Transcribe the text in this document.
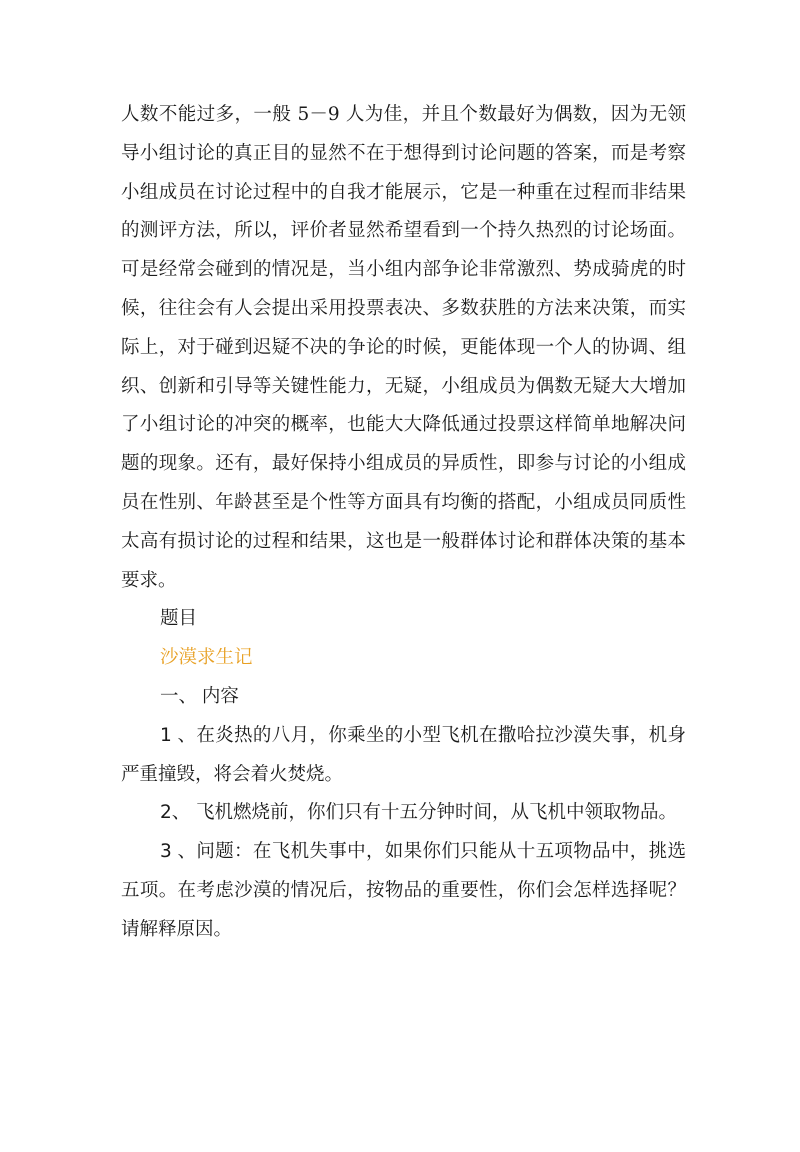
人数不能过多，一般 5－9 人为佳，并且个数最好为偶数，因为无领
导小组讨论的真正目的显然不在于想得到讨论问题的答案，而是考察
小组成员在讨论过程中的自我才能展示，它是一种重在过程而非结果
的测评方法，所以，评价者显然希望看到一个持久热烈的讨论场面。
可是经常会碰到的情况是，当小组内部争论非常激烈、势成骑虎的时
候，往往会有人会提出采用投票表决、多数获胜的方法来决策，而实
际上，对于碰到迟疑不决的争论的时候，更能体现一个人的协调、组
织、创新和引导等关键性能力，无疑，小组成员为偶数无疑大大增加
了小组讨论的冲突的概率，也能大大降低通过投票这样简单地解决问
题的现象。还有，最好保持小组成员的异质性，即参与讨论的小组成
员在性别、年龄甚至是个性等方面具有均衡的搭配，小组成员同质性
太高有损讨论的过程和结果，这也是一般群体讨论和群体决策的基本
要求。
题目
沙漠求生记
一、 内容
1、在炎热的八月，你乘坐的小型飞机在撒哈拉沙漠失事，机身
严重撞毁，将会着火焚烧。
2、 飞机燃烧前，你们只有十五分钟时间，从飞机中领取物品。
3、问题：在飞机失事中，如果你们只能从十五项物品中，挑选
五项。在考虑沙漠的情况后，按物品的重要性，你们会怎样选择呢？
请解释原因。
